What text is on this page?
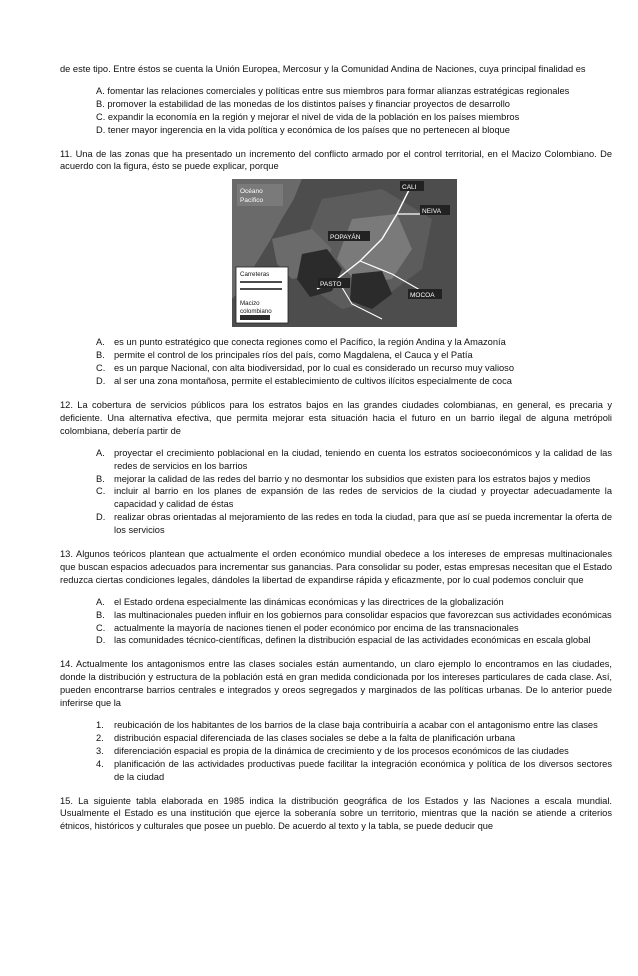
de este tipo. Entre éstos se cuenta la Unión Europea, Mercosur y la Comunidad Andina de Naciones, cuya principal finalidad es

A. fomentar las relaciones comerciales y políticas entre sus miembros para formar alianzas estratégicas regionales
B. promover la estabilidad de las monedas de los distintos países y financiar proyectos de desarrollo
C. expandir la economía en la región y mejorar el nivel de vida de la población en los países miembros
D. tener mayor ingerencia en la vida política y económica de los países que no pertenecen al bloque

11. Una de las zonas que ha presentado un incremento del conflicto armado por el control territorial, en el Macizo Colombiano. De acuerdo con la figura, ésto se puede explicar, porque

Océano
Pacífico
CALI
NEIVA
POPAYÁN
PASTO
MOCOA
Carreteras
Macizo
colombiano
A. es un punto estratégico que conecta regiones como el Pacífico, la región Andina y la Amazonía
B. permite el control de los principales ríos del país, como Magdalena, el Cauca y el Patía
C. es un parque Nacional, con alta biodiversidad, por lo cual es considerado un recurso muy valioso
D. al ser una zona montañosa, permite el establecimiento de cultivos ilícitos especialmente de coca

12. La cobertura de servicios públicos para los estratos bajos en las grandes ciudades colombianas, en general, es precaria y deficiente. Una alternativa efectiva, que permita mejorar esta situación hacia el futuro en un barrio ilegal de alguna metrópoli colombiana, debería partir de

A. proyectar el crecimiento poblacional en la ciudad, teniendo en cuenta los estratos socioeconómicos y la calidad de las redes de servicios en los barrios
B. mejorar la calidad de las redes del barrio y no desmontar los subsidios que existen para los estratos bajos y medios
C. incluir al barrio en los planes de expansión de las redes de servicios de la ciudad y proyectar adecuadamente la capacidad y calidad de éstas
D. realizar obras orientadas al mejoramiento de las redes en toda la ciudad, para que así se pueda incrementar la oferta de los servicios

13. Algunos teóricos plantean que actualmente el orden económico mundial obedece a los intereses de empresas multinacionales que buscan espacios adecuados para incrementar sus ganancias. Para consolidar su poder, estas empresas necesitan que el Estado reduzca ciertas condiciones legales, dándoles la libertad de expandirse rápida y eficazmente, por lo cual podemos concluir que

A. el Estado ordena especialmente las dinámicas económicas y las directrices de la globalización
B. las multinacionales pueden influir en los gobiernos para consolidar espacios que favorezcan sus actividades económicas
C. actualmente la mayoría de naciones tienen el poder económico por encima de las transnacionales
D. las comunidades técnico-científicas, definen la distribución espacial de las actividades económicas en escala global

14. Actualmente los antagonismos entre las clases sociales están aumentando, un claro ejemplo lo encontramos en las ciudades, donde la distribución y estructura de la población está en gran medida condicionada por los intereses particulares de cada clase. Así, pueden encontrarse barrios centrales e integrados y oreos segregados y marginados de las políticas urbanas. De lo anterior puede inferirse que la

1.	reubicación de los habitantes de los barrios de la clase baja contribuiría a acabar con el antagonismo entre las clases
2.	distribución espacial diferenciada de las clases sociales se debe a la falta de planificación urbana
3.	diferenciación espacial es propia de la dinámica de crecimiento y de los procesos económicos de las ciudades
4.	planificación de las actividades productivas puede facilitar la integración económica y política de los diversos sectores de la ciudad

15. La siguiente tabla elaborada en 1985 indica la distribución geográfica de los Estados y las Naciones a escala mundial. Usualmente el Estado es una institución que ejerce la soberanía sobre un territorio, mientras que la nación se atiende a criterios étnicos, históricos y culturales que posee un pueblo. De acuerdo al texto y la tabla, se puede deducir que
